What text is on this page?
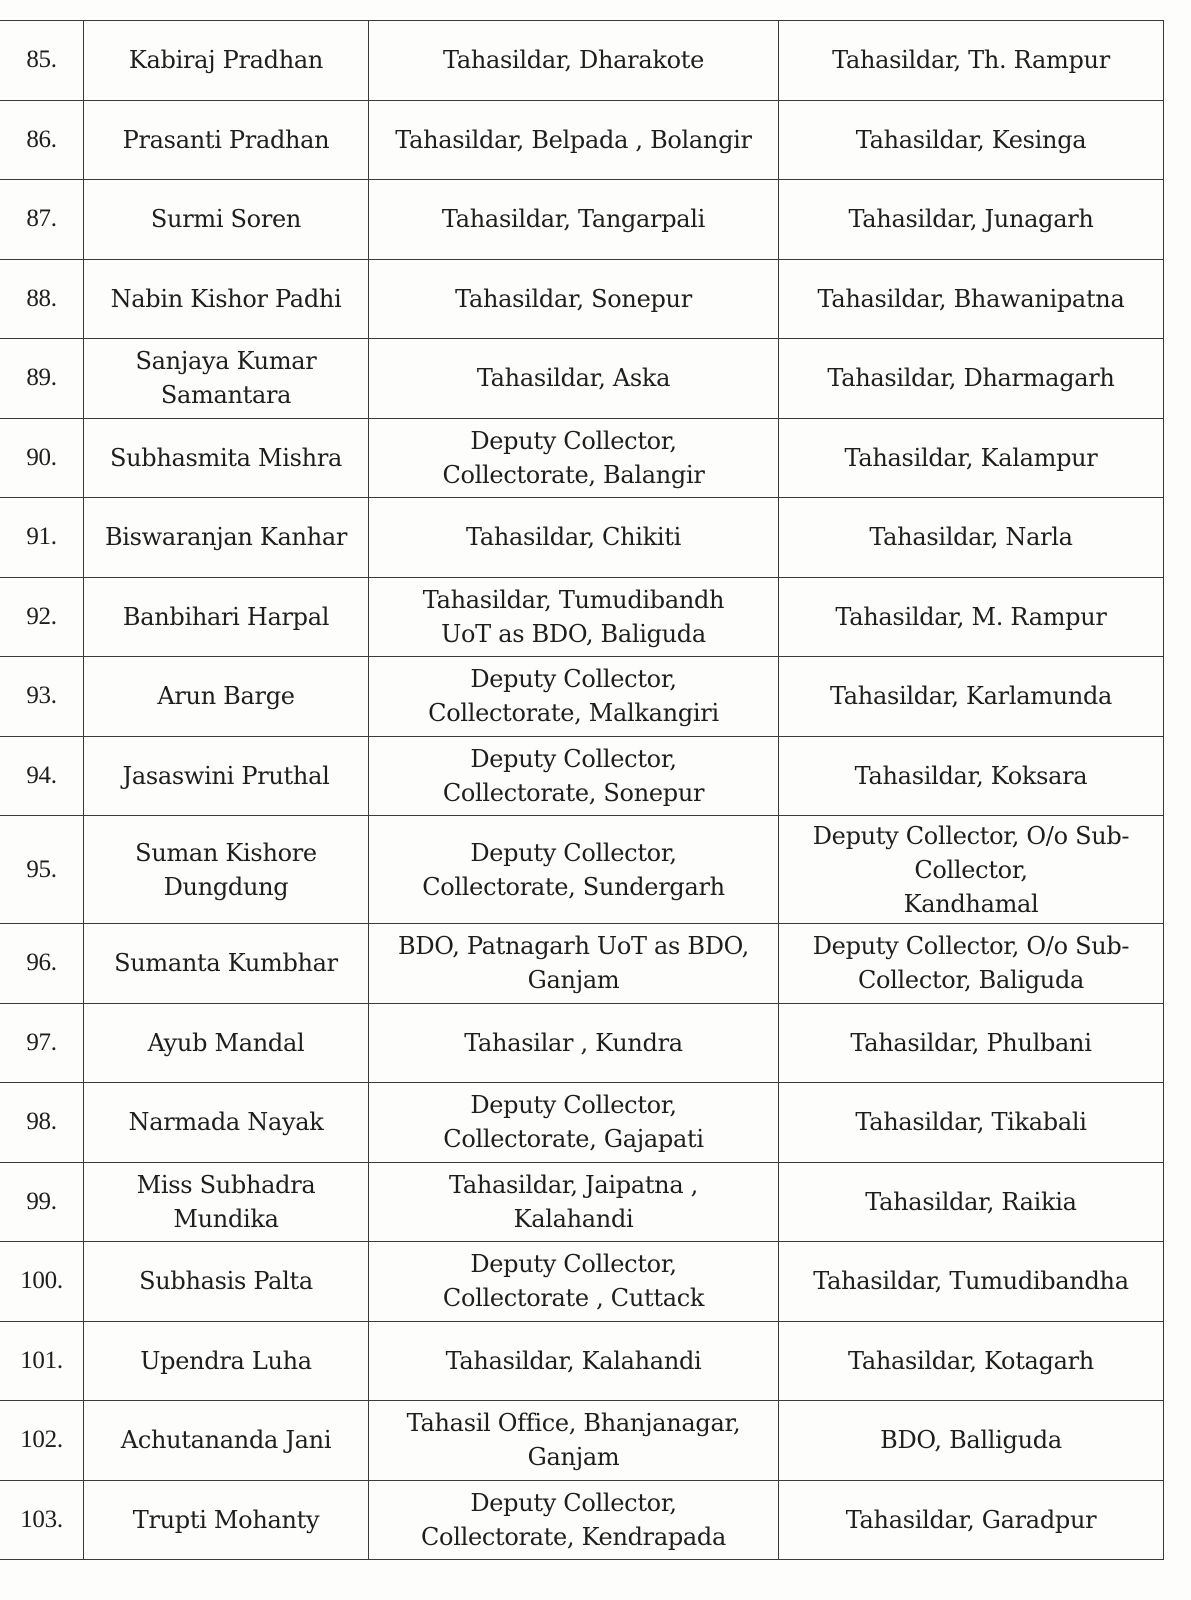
85.	Kabiraj Pradhan	Tahasildar, Dharakote	Tahasildar, Th. Rampur
86.	Prasanti Pradhan	Tahasildar, Belpada , Bolangir	Tahasildar, Kesinga
87.	Surmi Soren	Tahasildar, Tangarpali	Tahasildar, Junagarh
88.	Nabin Kishor Padhi	Tahasildar, Sonepur	Tahasildar, Bhawanipatna
89.	Sanjaya Kumar
Samantara	Tahasildar, Aska	Tahasildar, Dharmagarh
90.	Subhasmita Mishra	Deputy Collector,
Collectorate, Balangir	Tahasildar, Kalampur
91.	Biswaranjan Kanhar	Tahasildar, Chikiti	Tahasildar, Narla
92.	Banbihari Harpal	Tahasildar, Tumudibandh
UoT as BDO, Baliguda	Tahasildar, M. Rampur
93.	Arun Barge	Deputy Collector,
Collectorate, Malkangiri	Tahasildar, Karlamunda
94.	Jasaswini Pruthal	Deputy Collector,
Collectorate, Sonepur	Tahasildar, Koksara
95.	Suman Kishore
Dungdung	Deputy Collector,
Collectorate, Sundergarh	Deputy Collector, O/o Sub-
Collector,
Kandhamal
96.	Sumanta Kumbhar	BDO, Patnagarh UoT as BDO,
Ganjam	Deputy Collector, O/o Sub-
Collector, Baliguda
97.	Ayub Mandal	Tahasilar , Kundra	Tahasildar, Phulbani
98.	Narmada Nayak	Deputy Collector,
Collectorate, Gajapati	Tahasildar, Tikabali
99.	Miss Subhadra
Mundika	Tahasildar, Jaipatna ,
Kalahandi	Tahasildar, Raikia
100.	Subhasis Palta	Deputy Collector,
Collectorate , Cuttack	Tahasildar, Tumudibandha
101.	Upendra Luha	Tahasildar, Kalahandi	Tahasildar, Kotagarh
102.	Achutananda Jani	Tahasil Office, Bhanjanagar,
Ganjam	BDO, Balliguda
103.	Trupti Mohanty	Deputy Collector,
Collectorate, Kendrapada	Tahasildar, Garadpur
